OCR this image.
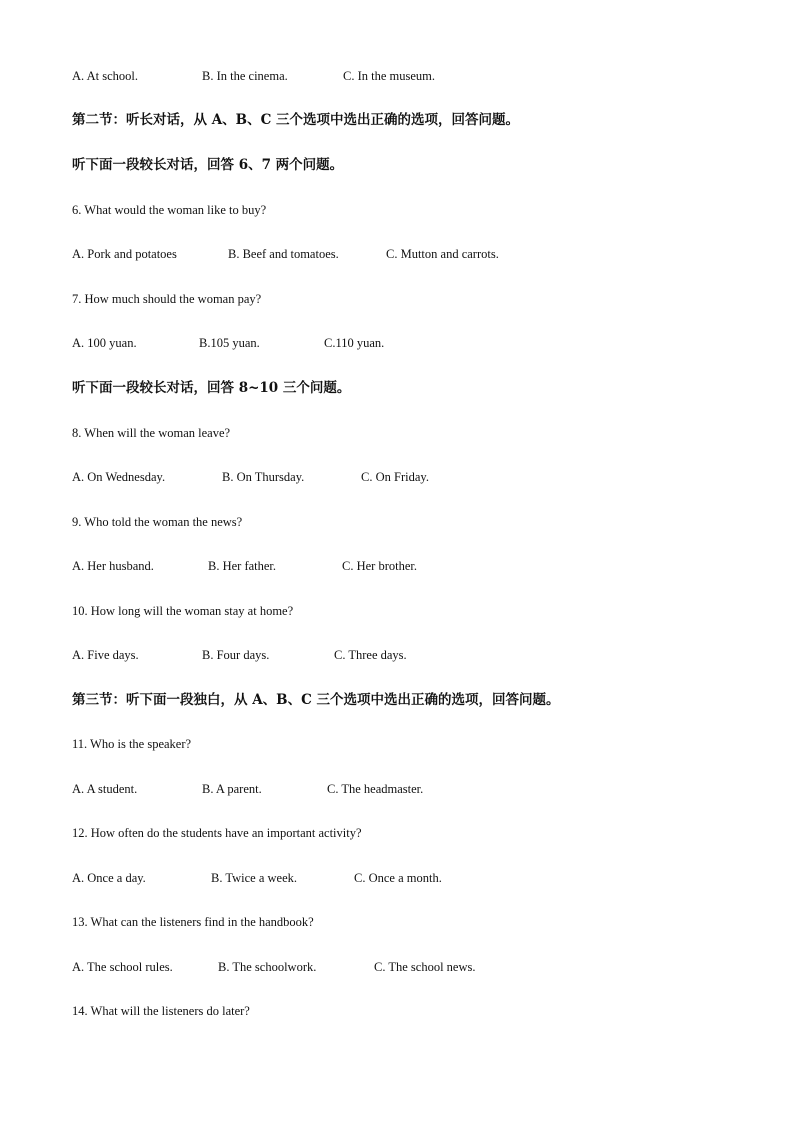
A. At school.	B. In the cinema.	C. In the museum.
第二节：听长对话，从 A、B、C 三个选项中选出正确的选项，回答问题。
听下面一段较长对话，回答 6、7 两个问题。
6. What would the woman like to buy?
A. Pork and potatoes	B. Beef and tomatoes.	C. Mutton and carrots.
7. How much should the woman pay?
A. 100 yuan.	B.105 yuan.	C.110 yuan.
听下面一段较长对话，回答 8~10 三个问题。
8. When will the woman leave?
A. On Wednesday.	B. On Thursday.	C. On Friday.
9. Who told the woman the news?
A. Her husband.	B. Her father.	C. Her brother.
10. How long will the woman stay at home?
A. Five days.	B. Four days.	C. Three days.
第三节：听下面一段独白，从 A、B、C 三个选项中选出正确的选项，回答问题。
11. Who is the speaker?
A. A student.	B. A parent.	C. The headmaster.
12. How often do the students have an important activity?
A. Once a day.	B. Twice a week.	C. Once a month.
13. What can the listeners find in the handbook?
A. The school rules.	B. The schoolwork.	C. The school news.
14. What will the listeners do later?
